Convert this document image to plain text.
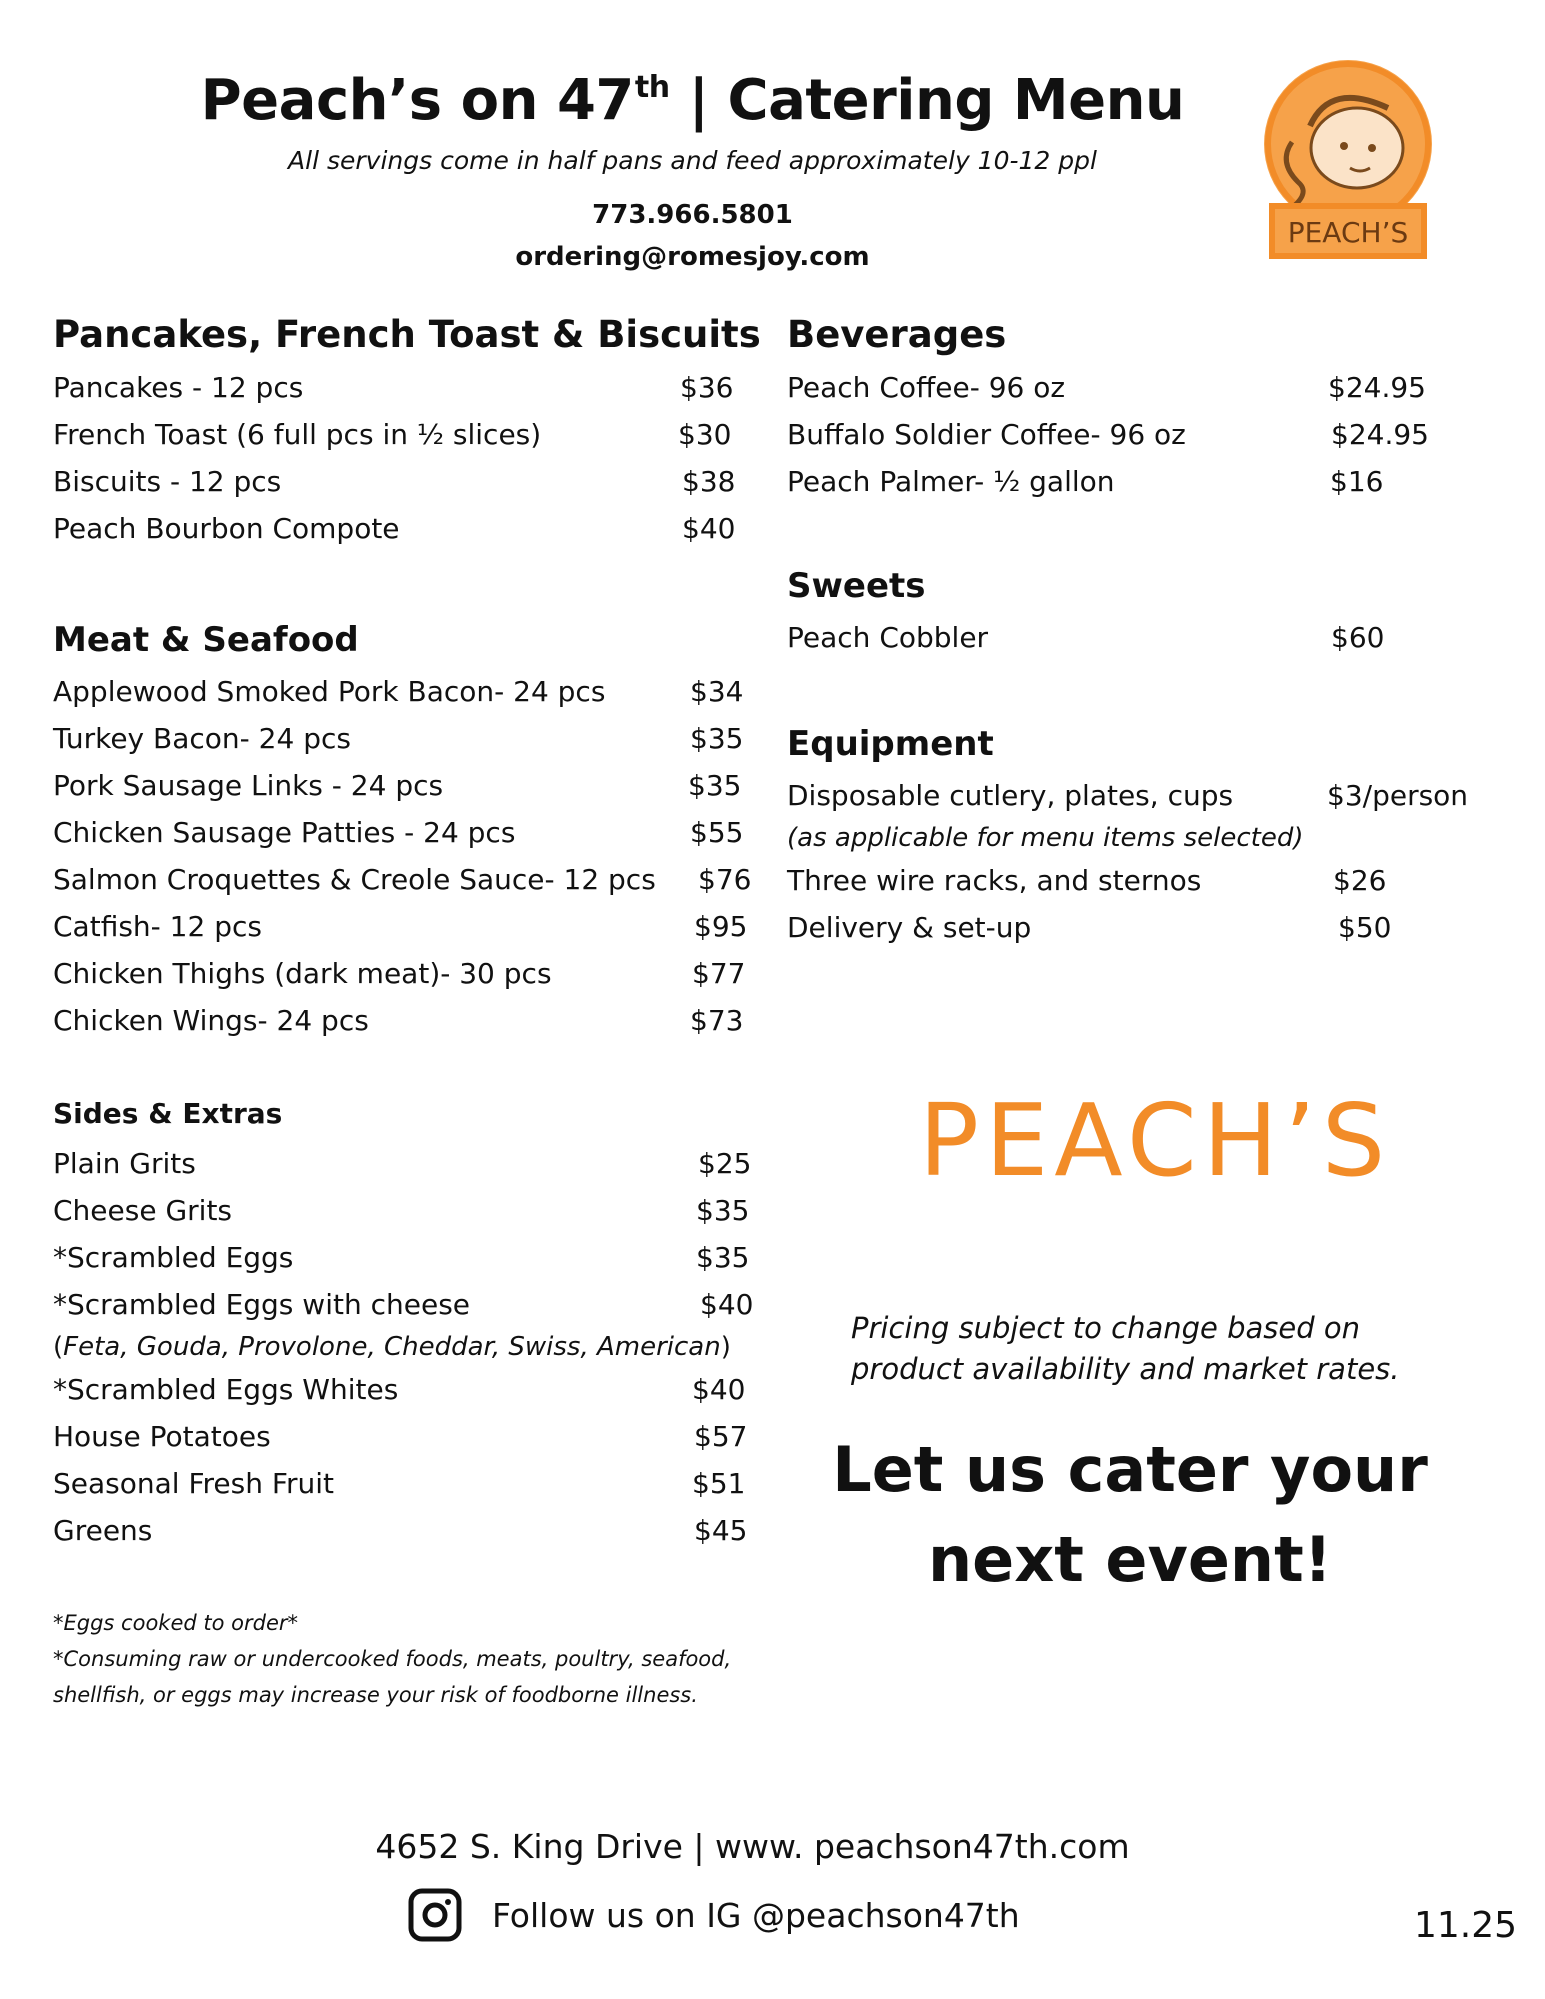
Peach’s on 47th | Catering Menu
All servings come in half pans and feed approximately 10-12 ppl
773.966.5801
ordering@romesjoy.com
PEACH’S
Pancakes, French Toast & Biscuits
Pancakes - 12 pcs	$36
French Toast (6 full pcs in ½ slices)	$30
Biscuits - 12 pcs	$38
Peach Bourbon Compote	$40
Meat & Seafood
Applewood Smoked Pork Bacon- 24 pcs	$34
Turkey Bacon- 24 pcs	$35
Pork Sausage Links - 24 pcs	$35
Chicken Sausage Patties - 24 pcs	$55
Salmon Croquettes & Creole Sauce- 12 pcs $76
Catfish- 12 pcs	$95
Chicken Thighs (dark meat)- 30 pcs	$77
Chicken Wings- 24 pcs	$73
Sides & Extras
Plain Grits	$25
Cheese Grits	$35
*Scrambled Eggs	$35
*Scrambled Eggs with cheese	$40
(Feta, Gouda, Provolone, Cheddar, Swiss, American)
*Scrambled Eggs Whites	$40
House Potatoes	$57
Seasonal Fresh Fruit	$51
Greens	$45
Beverages
Peach Coffee- 96 oz	$24.95
Buffalo Soldier Coffee- 96 oz	$24.95
Peach Palmer- ½ gallon	$16
Sweets
Peach Cobbler	$60
Equipment
Disposable cutlery, plates, cups	$3/person
(as applicable for menu items selected)
Three wire racks, and sternos	$26
Delivery & set-up	$50
PEACH’S
Pricing subject to change based on
product availability and market rates.
Let us cater your
next event!
*Eggs cooked to order*
*Consuming raw or undercooked foods, meats, poultry, seafood,
shellfish, or eggs may increase your risk of foodborne illness.
4652 S. King Drive | www. peachson47th.com
Follow us on IG @peachson47th	11.25
